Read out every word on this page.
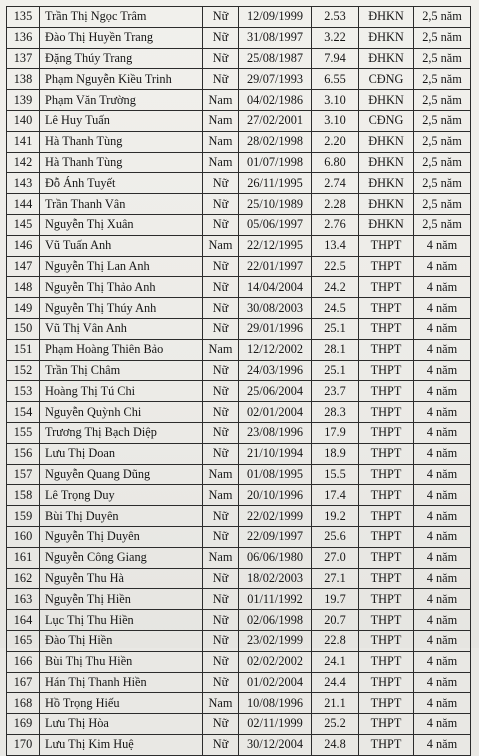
135	Trần Thị Ngọc Trâm	Nữ	12/09/1999	2.53	ĐHKN	2,5 năm
136	Đào Thị Huyền Trang	Nữ	31/08/1997	3.22	ĐHKN	2,5 năm
137	Đặng Thúy Trang	Nữ	25/08/1987	7.94	ĐHKN	2,5 năm
138	Phạm Nguyễn Kiều Trinh	Nữ	29/07/1993	6.55	CĐNG	2,5 năm
139	Phạm Văn Trường	Nam	04/02/1986	3.10	ĐHKN	2,5 năm
140	Lê Huy Tuấn	Nam	27/02/2001	3.10	CĐNG	2,5 năm
141	Hà Thanh Tùng	Nam	28/02/1998	2.20	ĐHKN	2,5 năm
142	Hà Thanh Tùng	Nam	01/07/1998	6.80	ĐHKN	2,5 năm
143	Đỗ Ánh Tuyết	Nữ	26/11/1995	2.74	ĐHKN	2,5 năm
144	Trần Thanh Vân	Nữ	25/10/1989	2.28	ĐHKN	2,5 năm
145	Nguyễn Thị Xuân	Nữ	05/06/1997	2.76	ĐHKN	2,5 năm
146	Vũ Tuấn Anh	Nam	22/12/1995	13.4	THPT	4 năm
147	Nguyễn Thị Lan Anh	Nữ	22/01/1997	22.5	THPT	4 năm
148	Nguyễn Thị Thảo Anh	Nữ	14/04/2004	24.2	THPT	4 năm
149	Nguyễn Thị Thúy Anh	Nữ	30/08/2003	24.5	THPT	4 năm
150	Vũ Thị Vân Anh	Nữ	29/01/1996	25.1	THPT	4 năm
151	Phạm Hoàng Thiên Bảo	Nam	12/12/2002	28.1	THPT	4 năm
152	Trần Thị Châm	Nữ	24/03/1996	25.1	THPT	4 năm
153	Hoàng Thị Tú Chi	Nữ	25/06/2004	23.7	THPT	4 năm
154	Nguyễn Quỳnh Chi	Nữ	02/01/2004	28.3	THPT	4 năm
155	Trương Thị Bạch Diệp	Nữ	23/08/1996	17.9	THPT	4 năm
156	Lưu Thị Doan	Nữ	21/10/1994	18.9	THPT	4 năm
157	Nguyễn Quang Dũng	Nam	01/08/1995	15.5	THPT	4 năm
158	Lê Trọng Duy	Nam	20/10/1996	17.4	THPT	4 năm
159	Bùi Thị Duyên	Nữ	22/02/1999	19.2	THPT	4 năm
160	Nguyễn Thị Duyên	Nữ	22/09/1997	25.6	THPT	4 năm
161	Nguyễn Công Giang	Nam	06/06/1980	27.0	THPT	4 năm
162	Nguyễn Thu Hà	Nữ	18/02/2003	27.1	THPT	4 năm
163	Nguyễn Thị Hiền	Nữ	01/11/1992	19.7	THPT	4 năm
164	Lục Thị Thu Hiền	Nữ	02/06/1998	20.7	THPT	4 năm
165	Đào Thị Hiền	Nữ	23/02/1999	22.8	THPT	4 năm
166	Bùi Thị Thu Hiền	Nữ	02/02/2002	24.1	THPT	4 năm
167	Hán Thị Thanh Hiền	Nữ	01/02/2004	24.4	THPT	4 năm
168	Hồ Trọng Hiếu	Nam	10/08/1996	21.1	THPT	4 năm
169	Lưu Thị Hòa	Nữ	02/11/1999	25.2	THPT	4 năm
170	Lưu Thị Kim Huệ	Nữ	30/12/2004	24.8	THPT	4 năm
